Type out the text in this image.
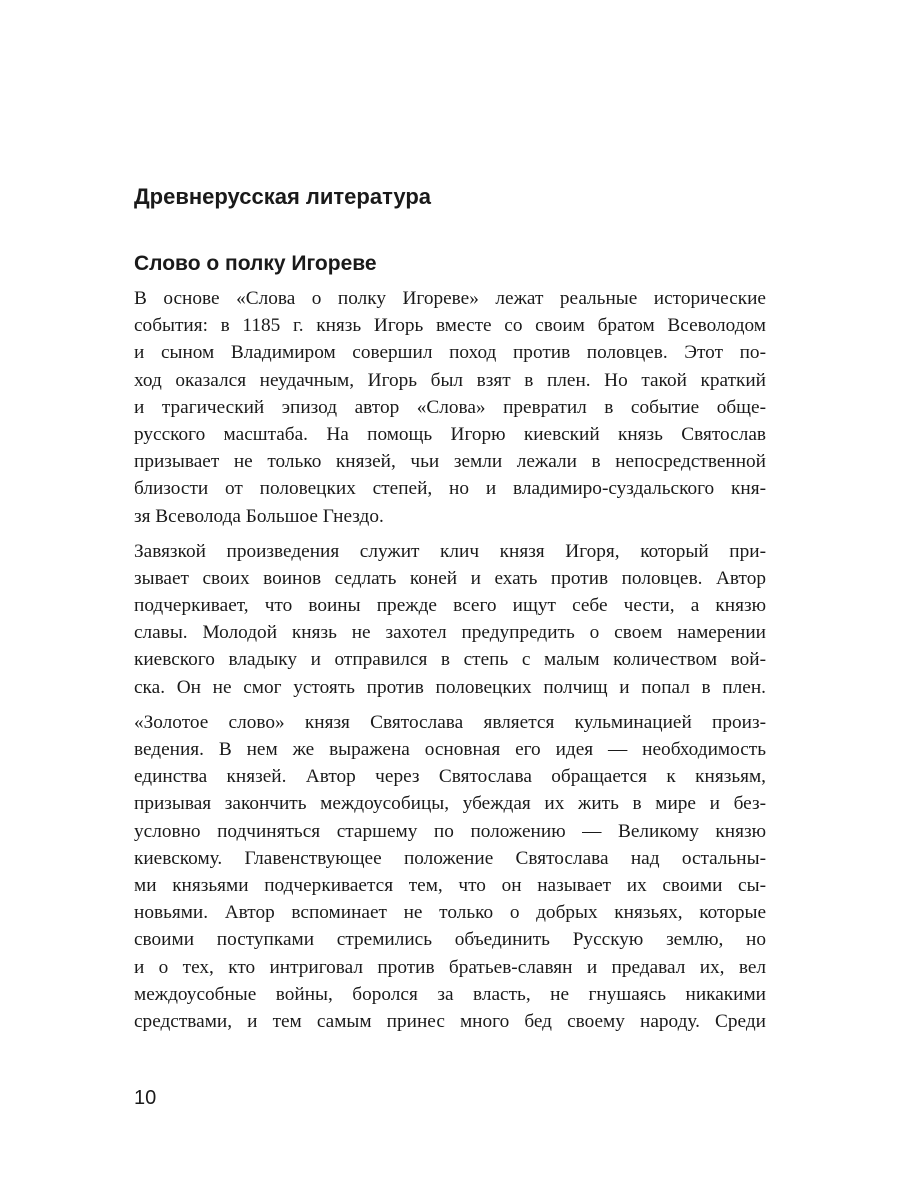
Древнерусская литература
Слово о полку Игореве

В основе «Слова о полку Игореве» лежат реальные исторические
события: в 1185 г. князь Игорь вместе со своим братом Всеволодом
и сыном Владимиром совершил поход против половцев. Этот по-
ход оказался неудачным, Игорь был взят в плен. Но такой краткий
и трагический эпизод автор «Слова» превратил в событие обще-
русского масштаба. На помощь Игорю киевский князь Святослав
призывает не только князей, чьи земли лежали в непосредственной
близости от половецких степей, но и владимиро-суздальского кня-
зя Всеволода Большое Гнездо.

Завязкой произведения служит клич князя Игоря, который при-
зывает своих воинов седлать коней и ехать против половцев. Автор
подчеркивает, что воины прежде всего ищут себе чести, а князю
славы. Молодой князь не захотел предупредить о своем намерении
киевского владыку и отправился в степь с малым количеством вой-
ска. Он не смог устоять против половецких полчищ и попал в плен.

«Золотое слово» князя Святослава является кульминацией произ-
ведения. В нем же выражена основная его идея — необходимость
единства князей. Автор через Святослава обращается к князьям,
призывая закончить междоусобицы, убеждая их жить в мире и без-
условно подчиняться старшему по положению — Великому князю
киевскому. Главенствующее положение Святослава над остальны-
ми князьями подчеркивается тем, что он называет их своими сы-
новьями. Автор вспоминает не только о добрых князьях, которые
своими поступками стремились объединить Русскую землю, но
и о тех, кто интриговал против братьев-славян и предавал их, вел
междоусобные войны, боролся за власть, не гнушаясь никакими
средствами, и тем самым принес много бед своему народу. Среди

10
